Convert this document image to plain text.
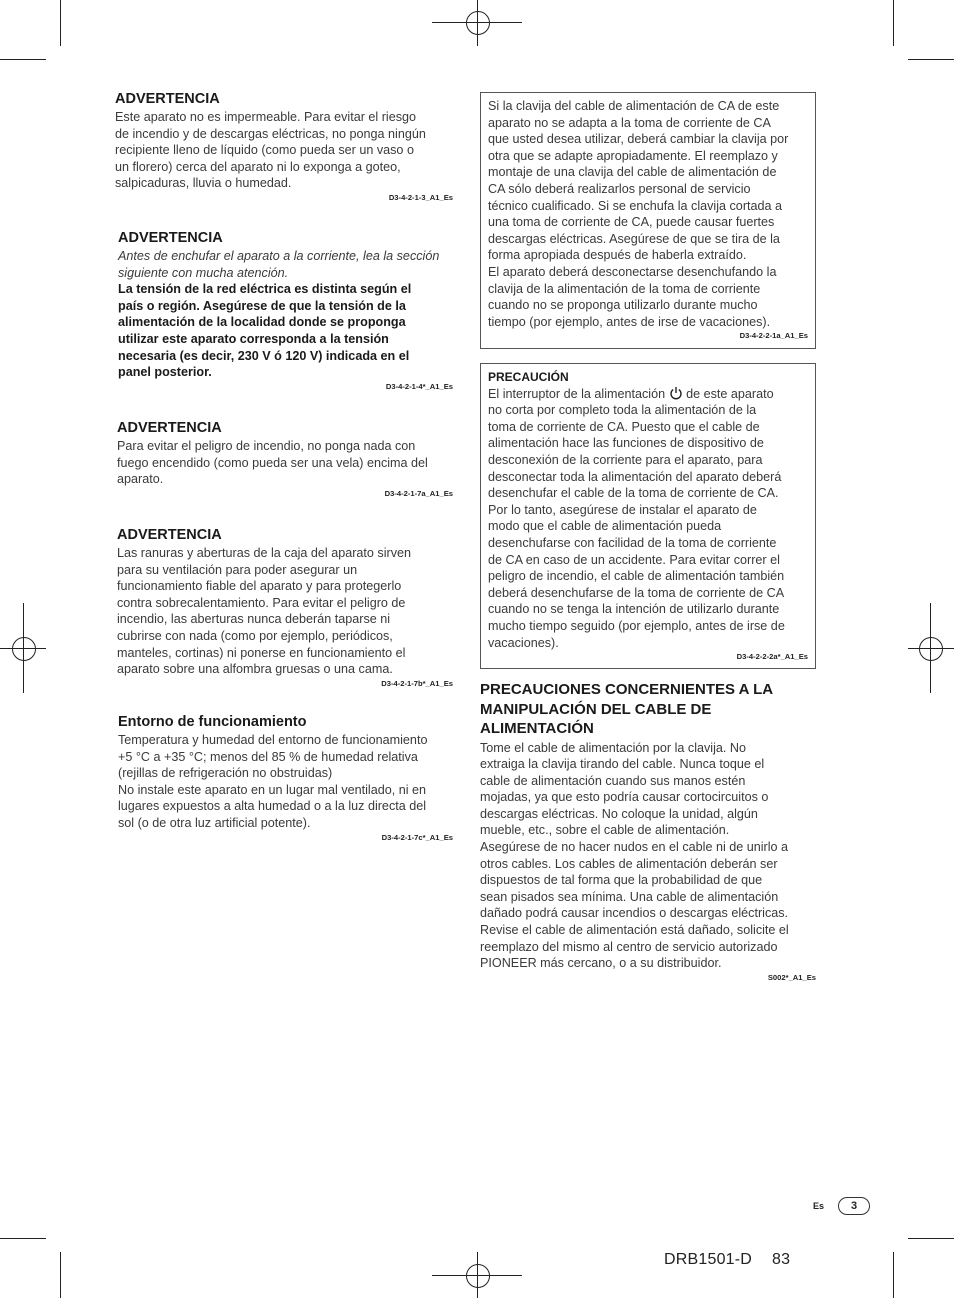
ADVERTENCIA
Este aparato no es impermeable. Para evitar el riesgo
de incendio y de descargas eléctricas, no ponga ningún
recipiente lleno de líquido (como pueda ser un vaso o
un florero) cerca del aparato ni lo exponga a goteo,
salpicaduras, lluvia o humedad.
D3-4-2-1-3_A1_Es
ADVERTENCIA
Antes de enchufar el aparato a la corriente, lea la sección
siguiente con mucha atención.
La tensión de la red eléctrica es distinta según el
país o región. Asegúrese de que la tensión de la
alimentación de la localidad donde se proponga
utilizar este aparato corresponda a la tensión
necesaria (es decir, 230 V ó 120 V) indicada en el
panel posterior.
D3-4-2-1-4*_A1_Es
ADVERTENCIA
Para evitar el peligro de incendio, no ponga nada con
fuego encendido (como pueda ser una vela) encima del
aparato.
D3-4-2-1-7a_A1_Es
ADVERTENCIA
Las ranuras y aberturas de la caja del aparato sirven
para su ventilación para poder asegurar un
funcionamiento fiable del aparato y para protegerlo
contra sobrecalentamiento. Para evitar el peligro de
incendio, las aberturas nunca deberán taparse ni
cubrirse con nada (como por ejemplo, periódicos,
manteles, cortinas) ni ponerse en funcionamiento el
aparato sobre una alfombra gruesas o una cama.
D3-4-2-1-7b*_A1_Es
Entorno de funcionamiento
Temperatura y humedad del entorno de funcionamiento
+5 °C a +35 °C; menos del 85 % de humedad relativa
(rejillas de refrigeración no obstruidas)
No instale este aparato en un lugar mal ventilado, ni en
lugares expuestos a alta humedad o a la luz directa del
sol (o de otra luz artificial potente).
D3-4-2-1-7c*_A1_Es
Si la clavija del cable de alimentación de CA de este
aparato no se adapta a la toma de corriente de CA
que usted desea utilizar, deberá cambiar la clavija por
otra que se adapte apropiadamente. El reemplazo y
montaje de una clavija del cable de alimentación de
CA sólo deberá realizarlos personal de servicio
técnico cualificado. Si se enchufa la clavija cortada a
una toma de corriente de CA, puede causar fuertes
descargas eléctricas. Asegúrese de que se tira de la
forma apropiada después de haberla extraído.
El aparato deberá desconectarse desenchufando la
clavija de la alimentación de la toma de corriente
cuando no se proponga utilizarlo durante mucho
tiempo (por ejemplo, antes de irse de vacaciones).
D3-4-2-2-1a_A1_Es
PRECAUCIÓN
El interruptor de la alimentación de este aparato
no corta por completo toda la alimentación de la
toma de corriente de CA. Puesto que el cable de
alimentación hace las funciones de dispositivo de
desconexión de la corriente para el aparato, para
desconectar toda la alimentación del aparato deberá
desenchufar el cable de la toma de corriente de CA.
Por lo tanto, asegúrese de instalar el aparato de
modo que el cable de alimentación pueda
desenchufarse con facilidad de la toma de corriente
de CA en caso de un accidente. Para evitar correr el
peligro de incendio, el cable de alimentación también
deberá desenchufarse de la toma de corriente de CA
cuando no se tenga la intención de utilizarlo durante
mucho tiempo seguido (por ejemplo, antes de irse de
vacaciones).
D3-4-2-2-2a*_A1_Es
PRECAUCIONES CONCERNIENTES A LA
MANIPULACIÓN DEL CABLE DE
ALIMENTACIÓN
Tome el cable de alimentación por la clavija. No
extraiga la clavija tirando del cable. Nunca toque el
cable de alimentación cuando sus manos estén
mojadas, ya que esto podría causar cortocircuitos o
descargas eléctricas. No coloque la unidad, algún
mueble, etc., sobre el cable de alimentación.
Asegúrese de no hacer nudos en el cable ni de unirlo a
otros cables. Los cables de alimentación deberán ser
dispuestos de tal forma que la probabilidad de que
sean pisados sea mínima. Una cable de alimentación
dañado podrá causar incendios o descargas eléctricas.
Revise el cable de alimentación está dañado, solicite el
reemplazo del mismo al centro de servicio autorizado
PIONEER más cercano, o a su distribuidor.
S002*_A1_Es
Es	3
DRB1501-D 83
